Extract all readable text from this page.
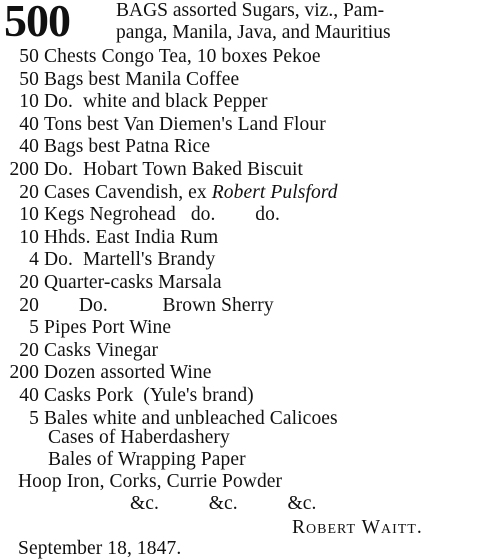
500 BAGS assorted Sugars, viz., Pam-
panga, Manila, Java, and Mauritius
50 Chests Congo Tea, 10 boxes Pekoe
50 Bags best Manila Coffee
10 Do.  white and black Pepper
40 Tons best Van Diemen's Land Flour
40 Bags best Patna Rice
200 Do.  Hobart Town Baked Biscuit
20 Cases Cavendish, ex Robert Pulsford
10 Kegs Negrohead   do.        do.
10 Hhds. East India Rum
4 Do.  Martell's Brandy
20 Quarter-casks Marsala
20       Do.           Brown Sherry
5 Pipes Port Wine
20 Casks Vinegar
200 Dozen assorted Wine
40 Casks Pork  (Yule's brand)
5 Bales white and unbleached Calicoes
Cases of Haberdashery
Bales of Wrapping Paper
Hoop Iron, Corks, Currie Powder
&c.          &c.          &c.
Robert Waitt.
September 18, 1847.
